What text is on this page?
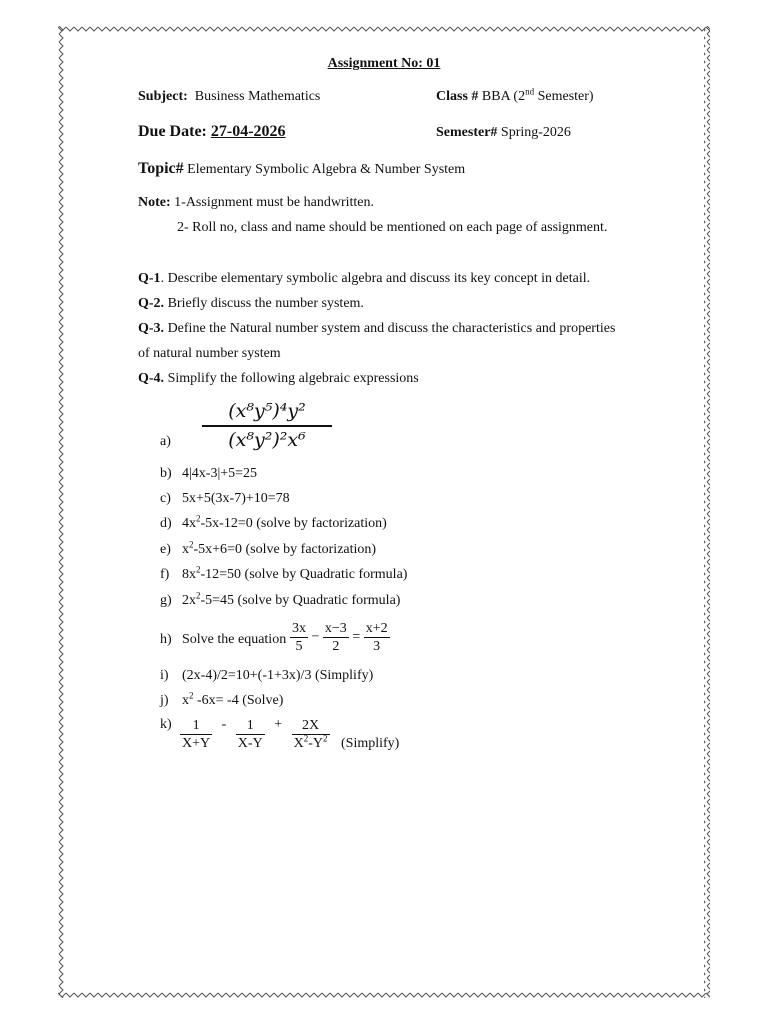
Assignment No: 01
Subject: Business Mathematics	Class # BBA (2nd Semester)
Due Date: 27-04-2026	Semester# Spring-2026
Topic# Elementary Symbolic Algebra & Number System
Note: 1-Assignment must be handwritten.
2- Roll no, class and name should be mentioned on each page of assignment.
Q-1. Describe elementary symbolic algebra and discuss its key concept in detail.
Q-2. Briefly discuss the number system.
Q-3. Define the Natural number system and discuss the characteristics and properties
of natural number system
Q-4. Simplify the following algebraic expressions
a)
(x⁸y⁵)⁴y²
(x⁸y²)²x⁶
b) 4|4x-3|+5=25
c) 5x+5(3x-7)+10=78
d) $4x^2-5x-12=0$ (solve by factorization)
e) $x^2-5x+6=0$ (solve by factorization)
f) $8x^2-12=50$ (solve by Quadratic formula)
g) $2x^2-5=45$ (solve by Quadratic formula)
h) Solve the equation $\frac{3x}{5} - \frac{x-3}{2} = \frac{x+2}{3}$
i) (2x-4)/2=10+(-1+3x)/3 (Simplify)
j) $x^2$ -6x= -4 (Solve)
$k) \frac{1}{X+Y} - \frac{1}{X-Y} + \frac{2X}{X^2-Y^2}$ (Simplify)
